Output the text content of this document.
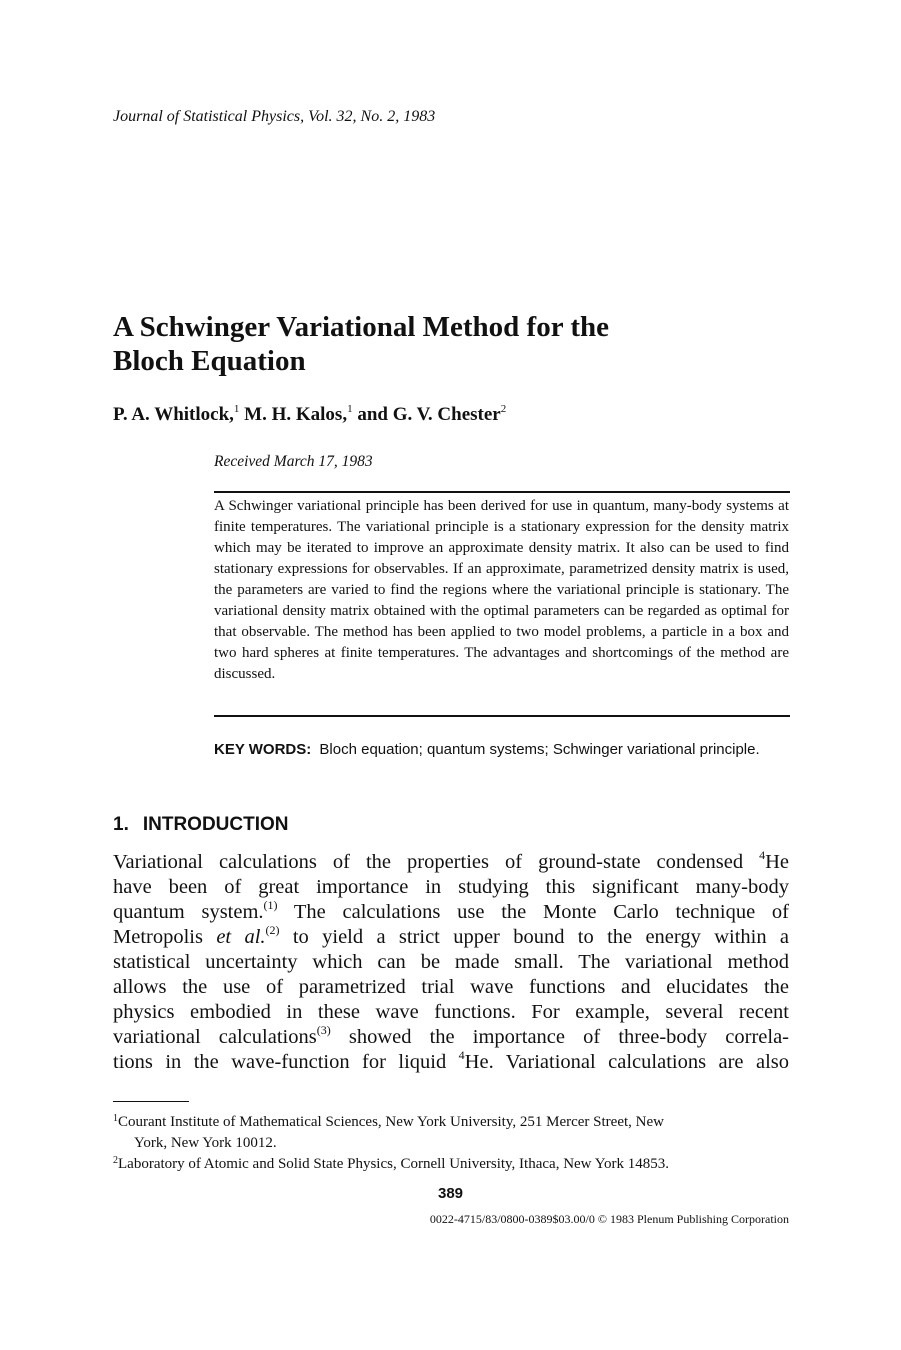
Journal of Statistical Physics, Vol. 32, No. 2, 1983
A Schwinger Variational Method for the
Bloch Equation
P. A. Whitlock,$^1$ M. H. Kalos,$^1$ and G. V. Chester$^2$
Received March 17, 1983
A Schwinger variational principle has been derived for use in quantum, many-body systems at finite temperatures. The variational principle is a stationary expression for the density matrix which may be iterated to improve an approximate density matrix. It also can be used to find stationary expressions for observables. If an approximate, parametrized density matrix is used, the parameters are varied to find the regions where the variational principle is stationary. The variational density matrix obtained with the optimal parameters can be regarded as optimal for that observable. The method has been applied to two model problems, a particle in a box and two hard spheres at finite temperatures. The advantages and shortcomings of the method are discussed.
KEY WORDS: Bloch equation; quantum systems; Schwinger variational principle.
1. INTRODUCTION
Variational calculations of the properties of ground-state condensed $^4$He
have been of great importance in studying this significant many-body
quantum system.$^{(1)}$ The calculations use the Monte Carlo technique of
Metropolis et al.$^{(2)}$ to yield a strict upper bound to the energy within a
statistical uncertainty which can be made small. The variational method
allows the use of parametrized trial wave functions and elucidates the
physics embodied in these wave functions. For example, several recent
variational calculations$^{(3)}$ showed the importance of three-body correla-
tions in the wave-function for liquid $^4$He. Variational calculations are also
$^1$Courant Institute of Mathematical Sciences, New York University, 251 Mercer Street, New
York, New York 10012.
$^2$Laboratory of Atomic and Solid State Physics, Cornell University, Ithaca, New York 14853.
389
0022-4715/83/0800-0389$03.00/0 © 1983 Plenum Publishing Corporation
